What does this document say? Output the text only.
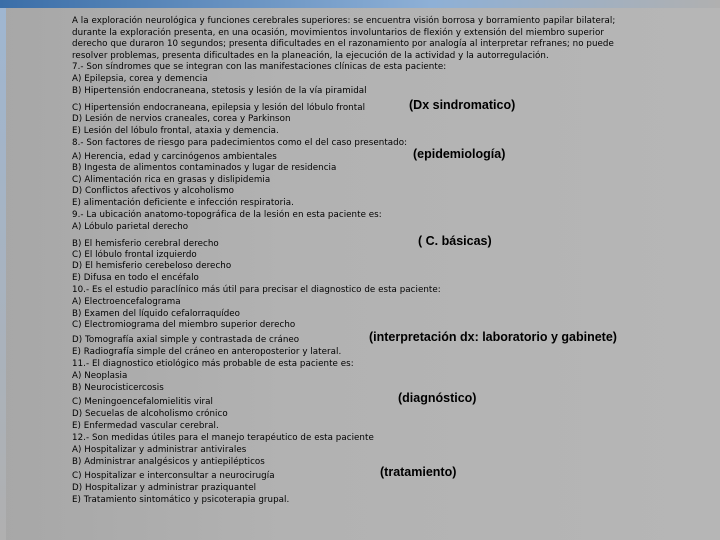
A la exploración neurológica y funciones cerebrales superiores: se encuentra visión borrosa y borramiento papilar bilateral;
durante la exploración presenta, en una ocasión, movimientos involuntarios de flexión y extensión del miembro superior
derecho que duraron 10 segundos; presenta dificultades en el razonamiento por analogía al interpretar refranes; no puede
resolver problemas, presenta dificultades en la planeación, la ejecución de la actividad y la autorregulación.
7.- Son síndromes que se integran con las manifestaciones clínicas de esta paciente:
A) Epilepsia, corea y demencia
B) Hipertensión endocraneana, stetosis y lesión de la vía piramidal
C) Hipertensión endocraneana, epilepsia y lesión del lóbulo frontal	(Dx sindromatico)
D) Lesión de nervios craneales, corea y Parkinson
E) Lesión del lóbulo frontal, ataxia y demencia.
8.- Son factores de riesgo para padecimientos como el del caso presentado:
A) Herencia, edad y carcinógenos ambientales	(epidemiología)
B) Ingesta de alimentos contaminados y lugar de residencia
C) Alimentación rica en grasas y dislipidemia
D) Conflictos afectivos y alcoholismo
E) alimentación deficiente e infección respiratoria.
9.- La ubicación anatomo-topográfica de la lesión en esta paciente es:
A) Lóbulo parietal derecho
B) El hemisferio cerebral derecho	( C. básicas)
C) El lóbulo frontal izquierdo
D) El hemisferio cerebeloso derecho
E) Difusa en todo el encéfalo
10.- Es el estudio paraclínico más útil para precisar el diagnostico de esta paciente:
A) Electroencefalograma
B) Examen del líquido cefalorraquídeo
C) Electromiograma del miembro superior derecho
D) Tomografía axial simple y contrastada de cráneo	(interpretación dx: laboratorio y gabinete)
E) Radiografía simple del cráneo en anteroposterior y lateral.
11.- El diagnostico etiológico más probable de esta paciente es:
A) Neoplasia
B) Neurocisticercosis
C) Meningoencefalomielitis viral	(diagnóstico)
D) Secuelas de alcoholismo crónico
E) Enfermedad vascular cerebral.
12.- Son medidas útiles para el manejo terapéutico de esta paciente
A) Hospitalizar y administrar antivirales
B) Administrar analgésicos y antiepilépticos
C) Hospitalizar e interconsultar a neurocirugía	(tratamiento)
D) Hospitalizar y administrar praziquantel
E) Tratamiento sintomático y psicoterapia grupal.
